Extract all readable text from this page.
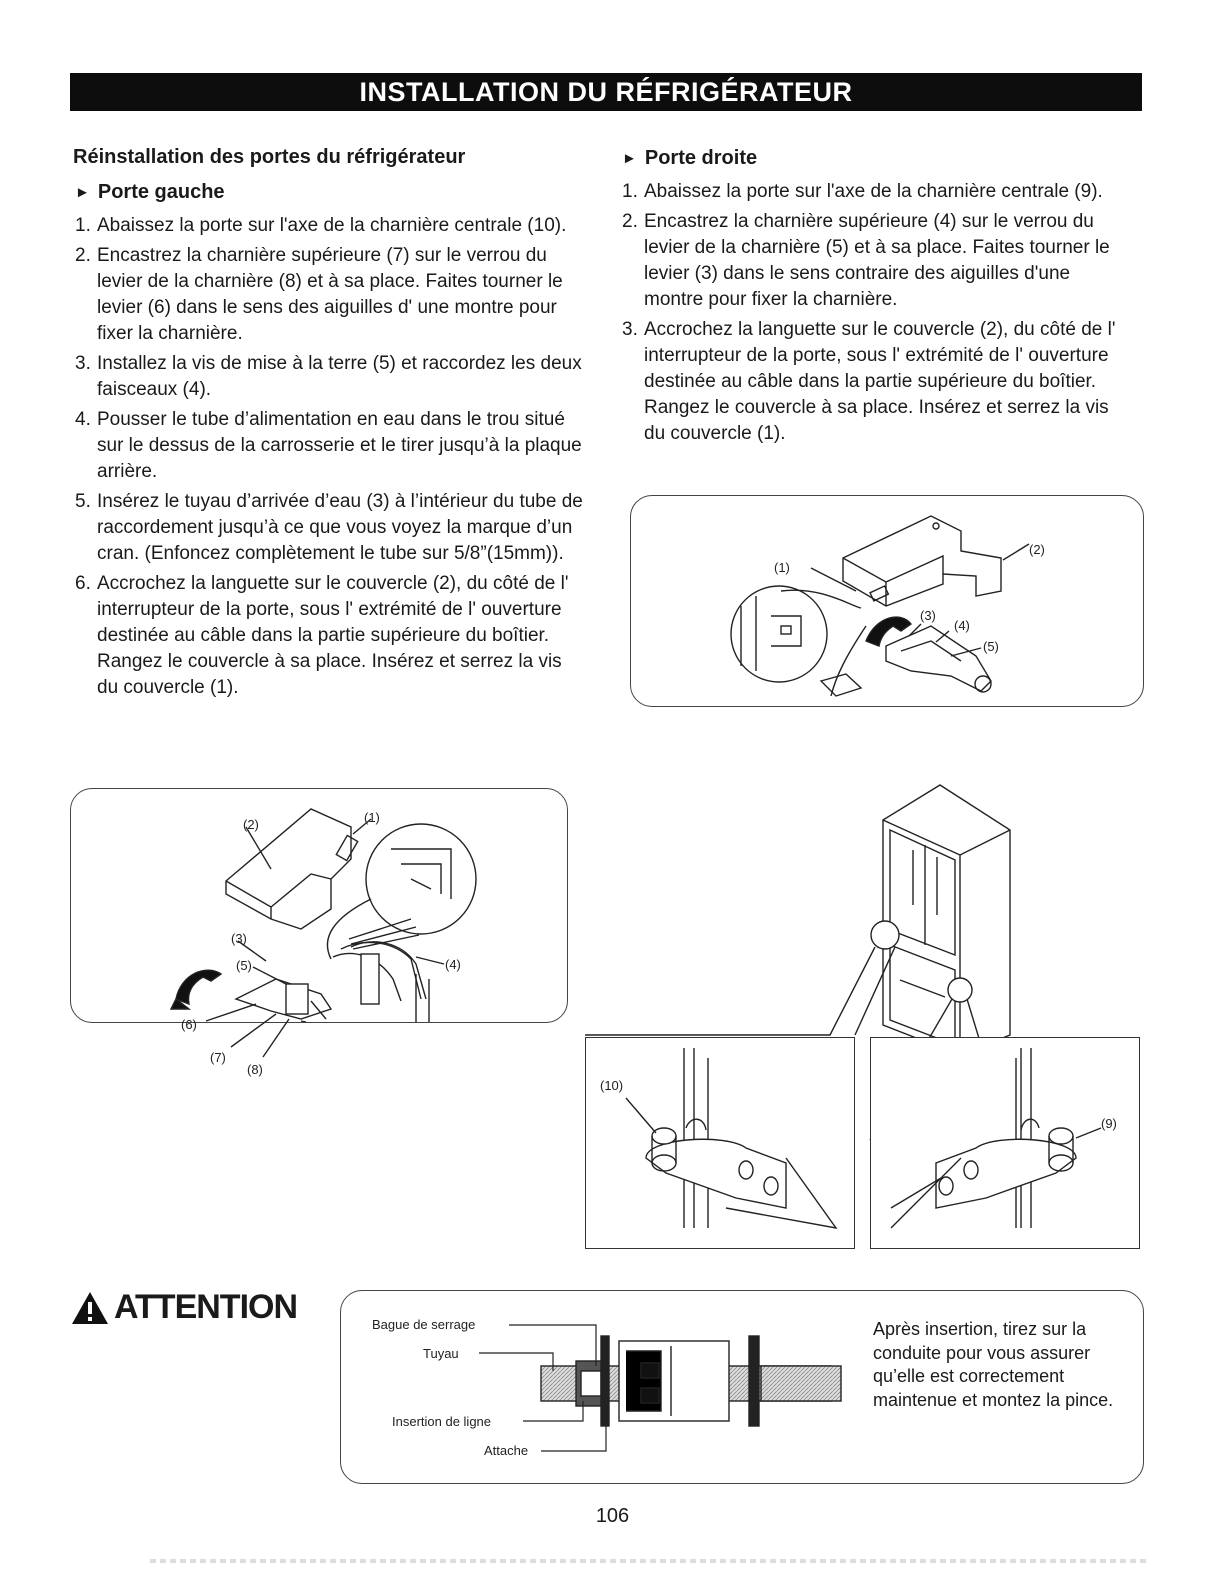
INSTALLATION DU RÉFRIGÉRATEUR
Réinstallation des portes du réfrigérateur
► Porte gauche
1. Abaissez la porte sur l'axe de la charnière centrale (10).
2. Encastrez la charnière supérieure (7) sur le verrou du levier de la charnière (8) et à sa place. Faites tourner le levier (6) dans le sens des aiguilles d' une montre pour fixer la charnière.
3. Installez la vis de mise à la terre (5) et raccordez les deux faisceaux (4).
4. Pousser le tube d’alimentation en eau dans le trou situé sur le dessus de la carrosserie et le tirer jusqu’à la plaque arrière.
5. Insérez le tuyau d’arrivée d’eau (3) à l’intérieur du tube de raccordement jusqu’à ce que vous voyez la marque d’un cran. (Enfoncez complètement le tube sur 5/8”(15mm)).
6. Accrochez la languette sur le couvercle (2), du côté de l' interrupteur de la porte, sous l' extrémité de l' ouverture destinée au câble dans la partie supérieure du boîtier. Rangez le couvercle à sa place. Insérez et serrez la vis du couvercle (1).
► Porte droite
1. Abaissez la porte sur l'axe de la charnière centrale (9).
2. Encastrez la charnière supérieure (4) sur le verrou du levier de la charnière (5) et à sa place. Faites tourner le levier (3) dans le sens contraire des aiguilles d'une montre pour fixer la charnière.
3. Accrochez la languette sur le couvercle (2), du côté de l' interrupteur de la porte, sous l' extrémité de l' ouverture destinée au câble dans la partie supérieure du boîtier. Rangez le couvercle à sa place. Insérez et serrez la vis du couvercle (1).
(1)
(2)
(3)
(4)
(5)
(2)	(1)
(3)
(5)	(4)
(6)
(7)
(8)
(10)
(9)
ATTENTION	Bague de serrage
Tuyau
Insertion de ligne
Attache
Après insertion, tirez sur la conduite pour vous assurer qu’elle est correctement maintenue et montez la pince.
106
